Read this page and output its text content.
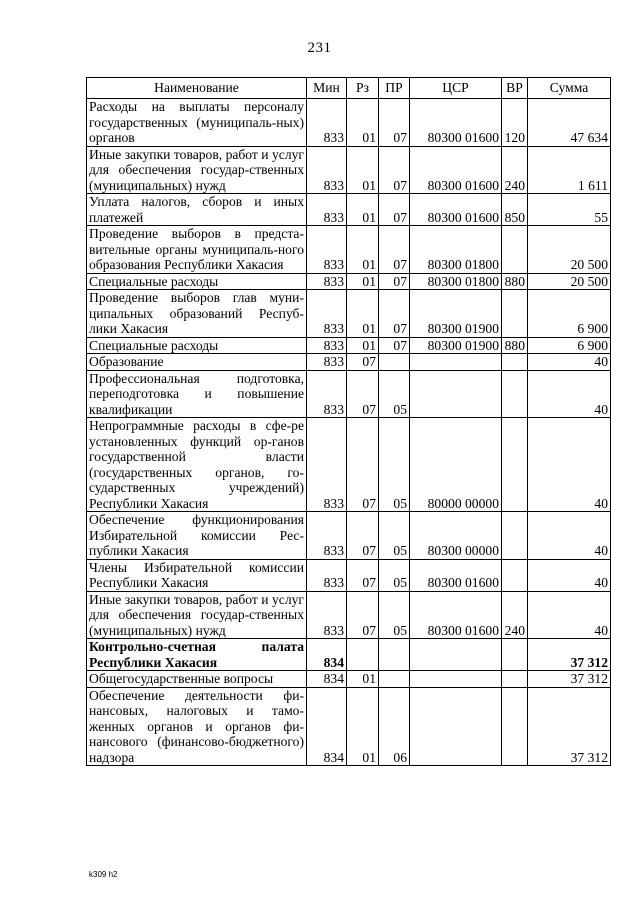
231
Наименование	Мин	Рз	ПР	ЦСР	ВР	Сумма
Расходы на выплаты персоналу государственных (муниципаль-ных) органов	833	01	07	80300 01600	120	47 634
Иные закупки товаров, работ и услуг для обеспечения государ-ственных (муниципальных) нужд	833	01	07	80300 01600	240	1 611
Уплата налогов, сборов и иных платежей	833	01	07	80300 01600	850	55
Проведение выборов в предста-вительные органы муниципаль-ного образования Республики Хакасия	833	01	07	80300 01800		20 500
Специальные расходы	833	01	07	80300 01800	880	20 500
Проведение выборов глав муни-ципальных образований Респуб-лики Хакасия	833	01	07	80300 01900		6 900
Специальные расходы	833	01	07	80300 01900	880	6 900
Образование	833	07				40
Профессиональная подготовка, переподготовка и повышение квалификации	833	07	05			40
Непрограммные расходы в сфе-ре установленных функций ор-ганов государственной власти (государственных органов, го-сударственных учреждений) Республики Хакасия	833	07	05	80000 00000		40
Обеспечение функционирования Избирательной комиссии Рес-публики Хакасия	833	07	05	80300 00000		40
Члены Избирательной комиссии Республики Хакасия	833	07	05	80300 01600		40
Иные закупки товаров, работ и услуг для обеспечения государ-ственных (муниципальных) нужд	833	07	05	80300 01600	240	40
Контрольно-счетная палата Республики Хакасия	834					37 312
Общегосударственные вопросы	834	01				37 312
Обеспечение деятельности фи-нансовых, налоговых и тамо-женных органов и органов фи-нансового (финансово-бюджетного) надзора	834	01	06			37 312
k309 h2
